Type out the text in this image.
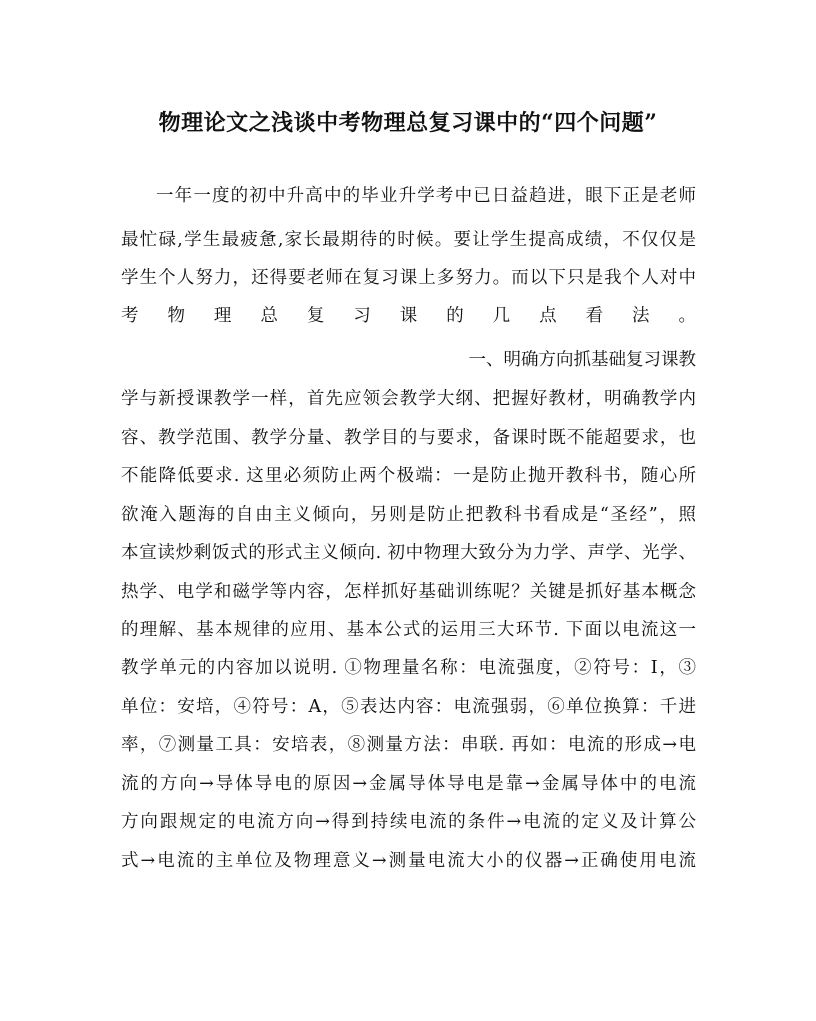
物理论文之浅谈中考物理总复习课中的“四个问题”
一年一度的初中升高中的毕业升学考中已日益趋进，眼下正是老师
最忙碌,学生最疲惫,家长最期待的时候。要让学生提高成绩，不仅仅是
学生个人努力，还得要老师在复习课上多努力。而以下只是我个人对中
考 物 理 总 复 习 课 的 几 点 看 法 。
一、明确方向抓基础复习课教
学与新授课教学一样，首先应领会教学大纲、把握好教材，明确教学内
容、教学范围、教学分量、教学目的与要求，备课时既不能超要求，也
不能降低要求. 这里必须防止两个极端：一是防止抛开教科书，随心所
欲淹入题海的自由主义倾向，另则是防止把教科书看成是“圣经”，照
本宣读炒剩饭式的形式主义倾向. 初中物理大致分为力学、声学、光学、
热学、电学和磁学等内容，怎样抓好基础训练呢？关键是抓好基本概念
的理解、基本规律的应用、基本公式的运用三大环节. 下面以电流这一
教学单元的内容加以说明. ①物理量名称：电流强度，②符号：I，③
单位：安培，④符号：A，⑤表达内容：电流强弱，⑥单位换算：千进
率，⑦测量工具：安培表，⑧测量方法：串联. 再如：电流的形成→电
流的方向→导体导电的原因→金属导体导电是靠→金属导体中的电流
方向跟规定的电流方向→得到持续电流的条件→电流的定义及计算公
式→电流的主单位及物理意义→测量电流大小的仪器→正确使用电流
